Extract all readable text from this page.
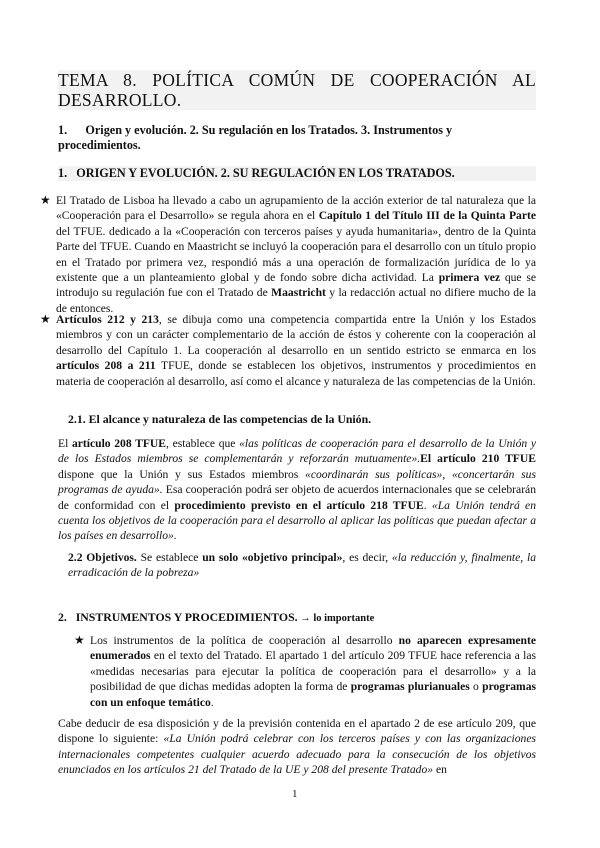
TEMA 8. POLÍTICA COMÚN DE COOPERACIÓN AL
DESARROLLO.
1.      Origen y evolución. 2. Su regulación en los Tratados. 3. Instrumentos y procedimientos.
1.   ORIGEN Y EVOLUCIÓN. 2. SU REGULACIÓN EN LOS TRATADOS.
★ El Tratado de Lisboa ha llevado a cabo un agrupamiento de la acción exterior de tal naturaleza que la «Cooperación para el Desarrollo» se regula ahora en el Capítulo 1 del Título III de la Quinta Parte del TFUE. dedicado a la «Cooperación con terceros países y ayuda humanitaria», dentro de la Quinta Parte del TFUE. Cuando en Maastricht se incluyó la cooperación para el desarrollo con un título propio en el Tratado por primera vez, respondió más a una operación de formalización jurídica de lo ya existente que a un planteamiento global y de fondo sobre dicha actividad. La primera vez que se introdujo su regulación fue con el Tratado de Maastricht y la redacción actual no difiere mucho de la de entonces.
★ Artículos 212 y 213, se dibuja como una competencia compartida entre la Unión y los Estados miembros y con un carácter complementario de la acción de éstos y coherente con la cooperación al desarrollo del Capítulo 1. La cooperación al desarrollo en un sentido estricto se enmarca en los artículos 208 a 211 TFUE, donde se establecen los objetivos, instrumentos y procedimientos en materia de cooperación al desarrollo, así como el alcance y naturaleza de las competencias de la Unión.
2.1. El alcance y naturaleza de las competencias de la Unión.
El artículo 208 TFUE, establece que «las políticas de cooperación para el desarrollo de la Unión y de los Estados miembros se complementarán y reforzarán mutuamente».El artículo 210 TFUE dispone que la Unión y sus Estados miembros «coordinarán sus políticas», «concertarán sus programas de ayuda». Esa cooperación podrá ser objeto de acuerdos internacionales que se celebrarán de conformidad con el procedimiento previsto en el artículo 218 TFUE. «La Unión tendrá en cuenta los objetivos de la cooperación para el desarrollo al aplicar las políticas que puedan afectar a los países en desarrollo».
2.2 Objetivos. Se establece un solo «objetivo principal», es decir, «la reducción y, finalmente, la erradicación de la pobreza»
2.   INSTRUMENTOS Y PROCEDIMIENTOS. → lo importante
★ Los instrumentos de la política de cooperación al desarrollo no aparecen expresamente enumerados en el texto del Tratado. El apartado 1 del artículo 209 TFUE hace referencia a las «medidas necesarias para ejecutar la política de cooperación para el desarrollo» y a la posibilidad de que dichas medidas adopten la forma de programas plurianuales o programas con un enfoque temático.
Cabe deducir de esa disposición y de la previsión contenida en el apartado 2 de ese artículo 209, que dispone lo siguiente: «La Unión podrá celebrar con los terceros países y con las organizaciones internacionales competentes cualquier acuerdo adecuado para la consecución de los objetivos enunciados en los artículos 21 del Tratado de la UE y 208 del presente Tratado» en
1
